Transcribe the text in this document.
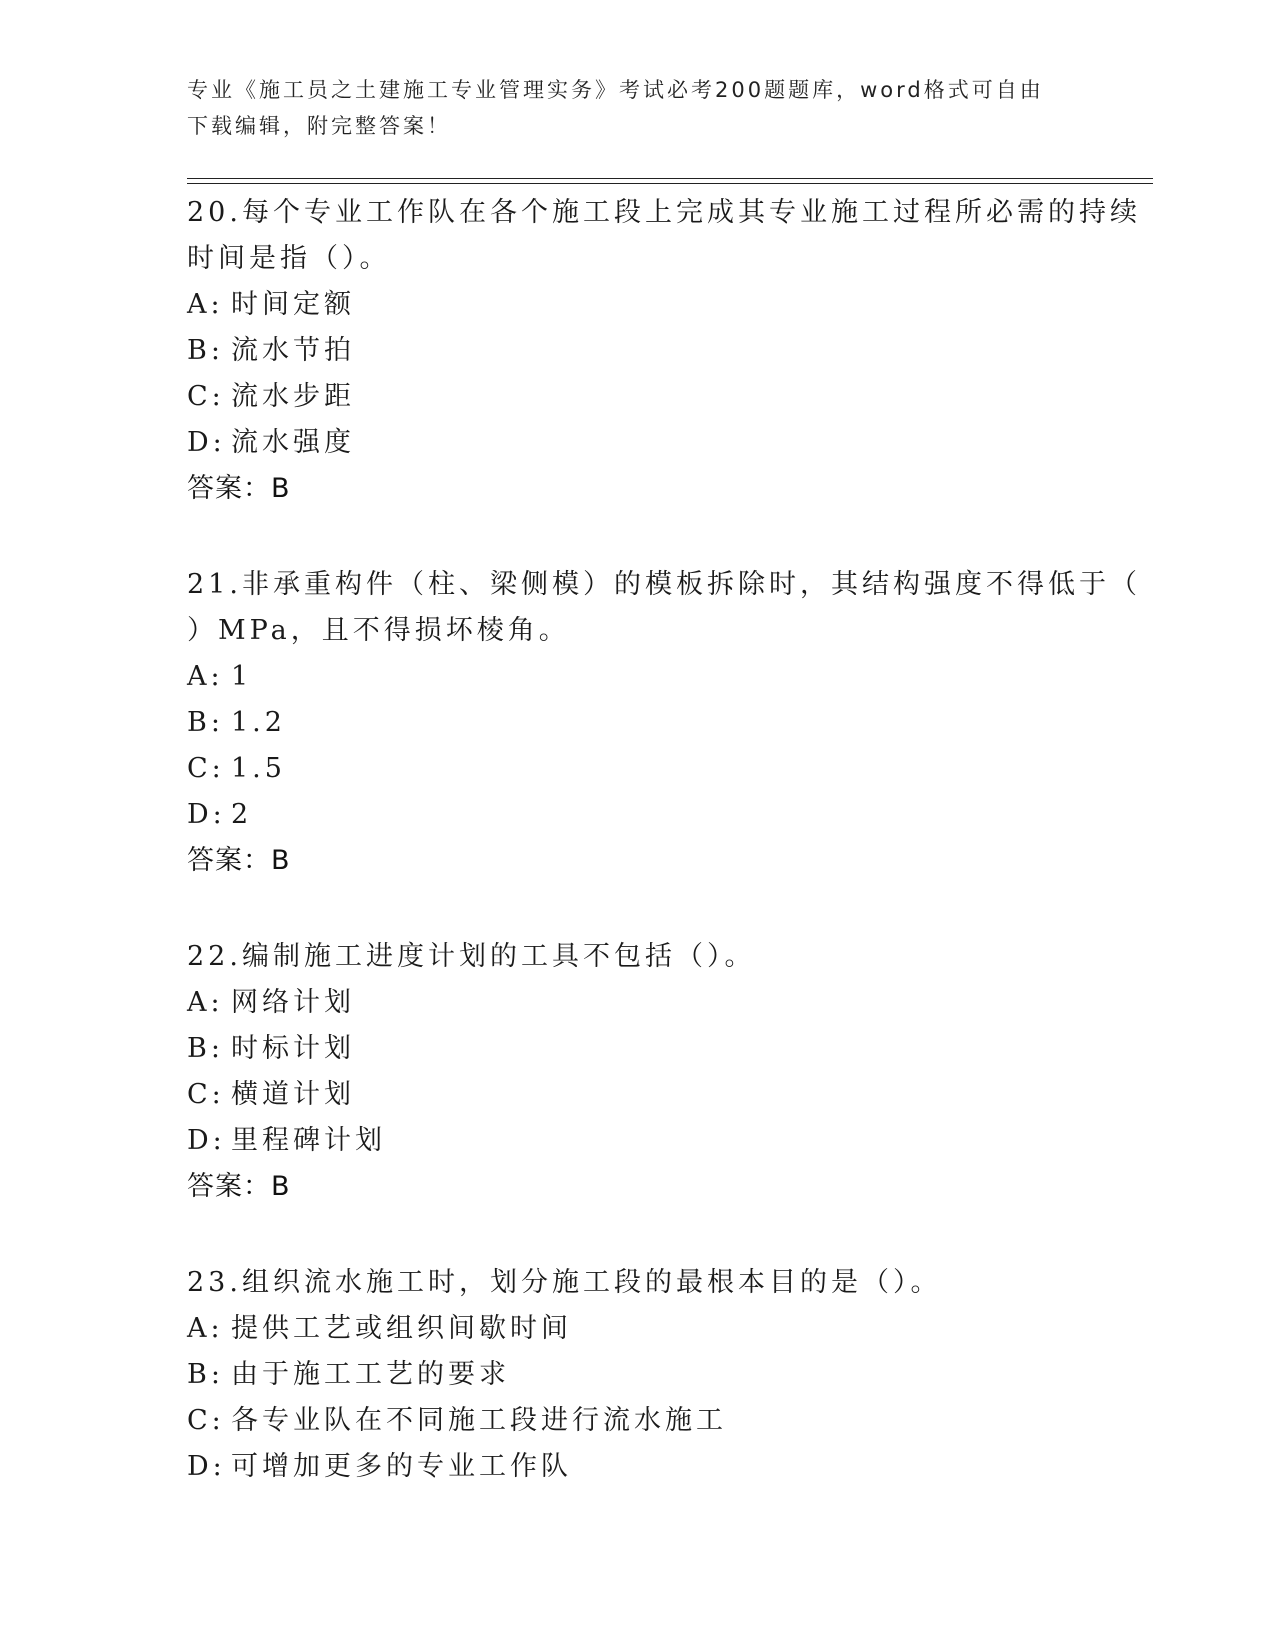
专业《施工员之土建施工专业管理实务》考试必考200题题库，word格式可自由
下载编辑，附完整答案！
20.每个专业工作队在各个施工段上完成其专业施工过程所必需的持续
时间是指（）。
A: 时间定额
B: 流水节拍
C: 流水步距
D: 流水强度
答案：B
21.非承重构件（柱、梁侧模）的模板拆除时，其结构强度不得低于（
）MPa，且不得损坏棱角。
A: 1
B: 1.2
C: 1.5
D: 2
答案：B
22.编制施工进度计划的工具不包括（）。
A: 网络计划
B: 时标计划
C: 横道计划
D: 里程碑计划
答案：B
23.组织流水施工时，划分施工段的最根本目的是（）。
A: 提供工艺或组织间歇时间
B: 由于施工工艺的要求
C: 各专业队在不同施工段进行流水施工
D: 可增加更多的专业工作队
